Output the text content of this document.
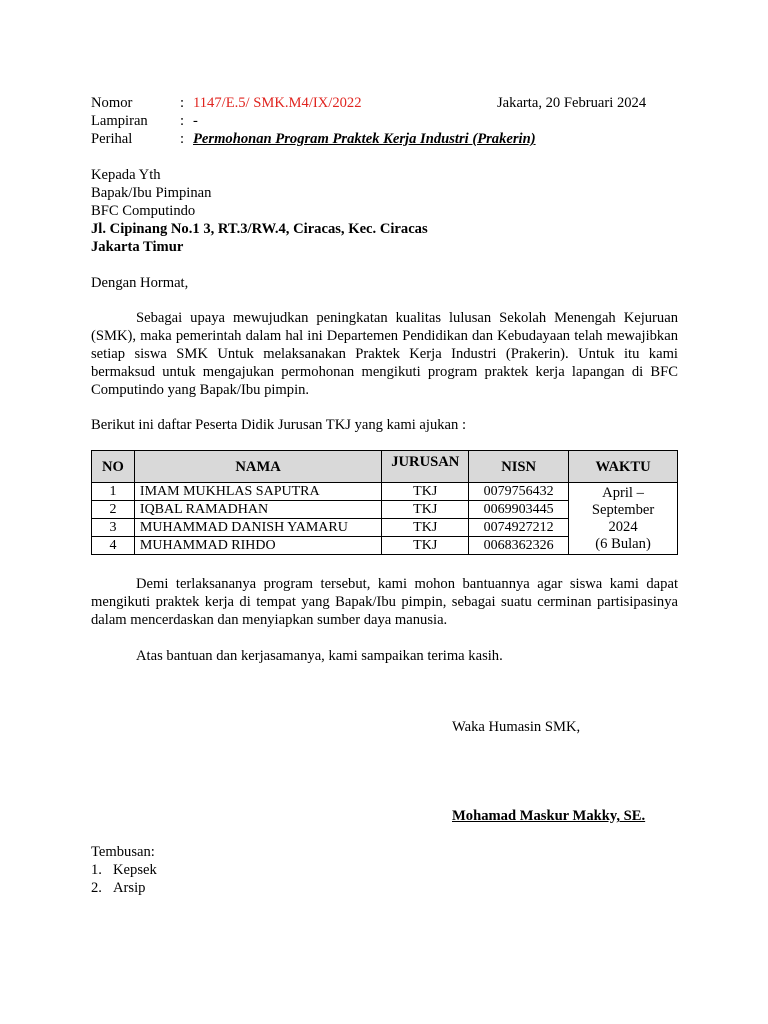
Nomor	: 1147/E.5/ SMK.M4/IX/2022	Jakarta, 20 Februari 2024
Lampiran : -
Perihal	: Permohonan Program Praktek Kerja Industri (Prakerin)
Kepada Yth
Bapak/Ibu Pimpinan
BFC Computindo
Jl. Cipinang No.1 3, RT.3/RW.4, Ciracas, Kec. Ciracas
Jakarta Timur
Dengan Hormat,
Sebagai upaya mewujudkan peningkatan kualitas lulusan Sekolah Menengah Kejuruan (SMK), maka pemerintah dalam hal ini Departemen Pendidikan dan Kebudayaan telah mewajibkan setiap siswa SMK Untuk melaksanakan Praktek Kerja Industri (Prakerin). Untuk itu kami bermaksud untuk mengajukan permohonan mengikuti program praktek kerja lapangan di BFC Computindo yang Bapak/Ibu pimpin.
Berikut ini daftar Peserta Didik Jurusan TKJ yang kami ajukan :
NO	NAMA	JURUSAN	NISN	WAKTU
1	IMAM MUKHLAS SAPUTRA	TKJ	0079756432	April –
September
2024
(6 Bulan)

2	IQBAL RAMADHAN	TKJ	0069903445	
3	MUHAMMAD DANISH YAMARU	TKJ	0074927212	
4	MUHAMMAD RIHDO	TKJ	0068362326	
Demi terlaksananya program tersebut, kami mohon bantuannya agar siswa kami dapat mengikuti praktek kerja di tempat yang Bapak/Ibu pimpin, sebagai suatu cerminan partisipasinya dalam mencerdaskan dan menyiapkan sumber daya manusia.
Atas bantuan dan kerjasamanya, kami sampaikan terima kasih.
Waka Humasin SMK,
Mohamad Maskur Makky, SE.
Tembusan:
1. Kepsek
2. Arsip
